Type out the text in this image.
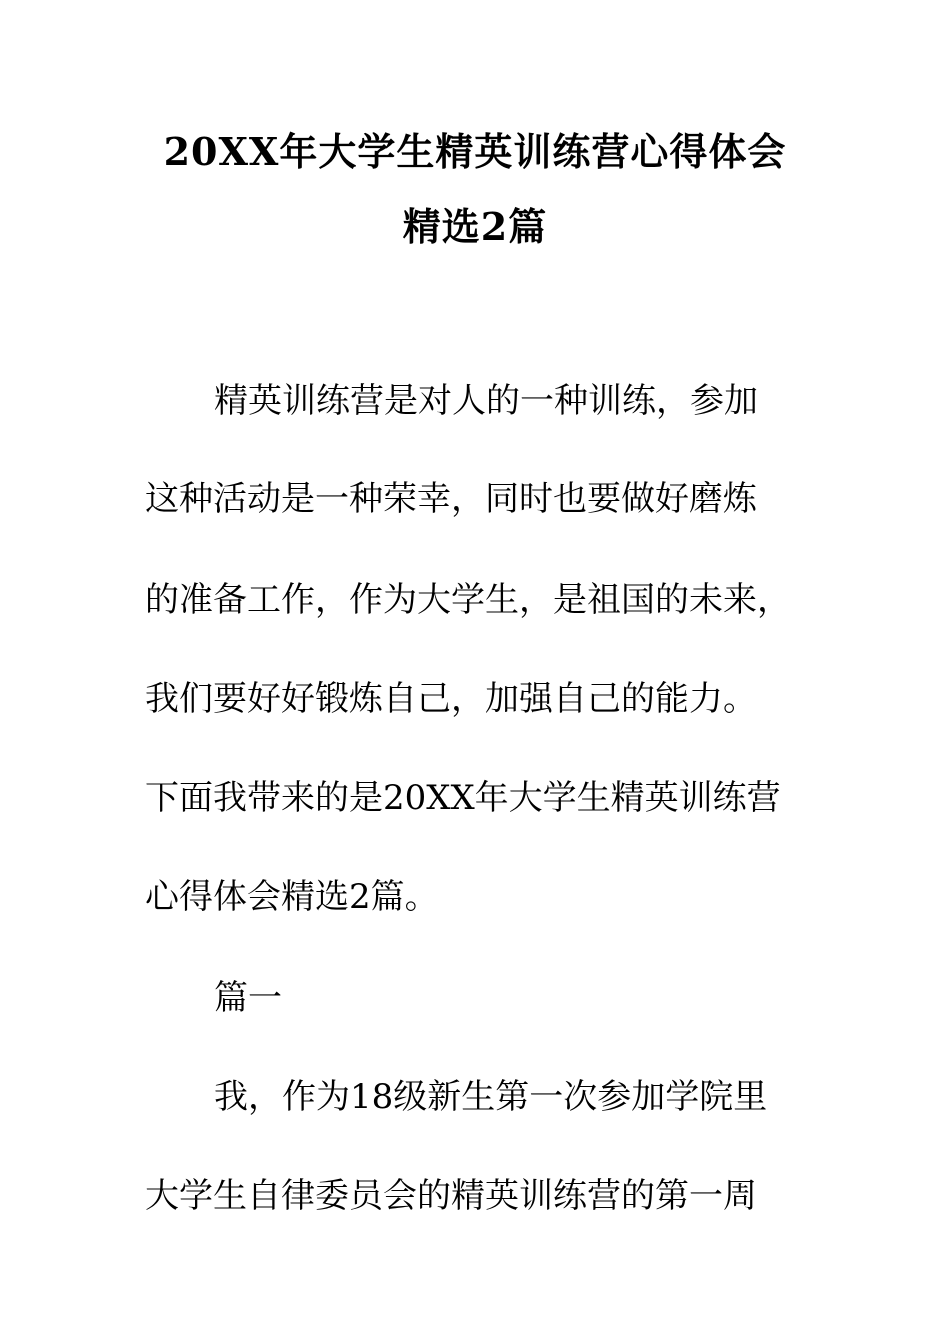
20XX年大学生精英训练营心得体会
精选2篇
精英训练营是对人的一种训练，参加
这种活动是一种荣幸，同时也要做好磨炼
的准备工作，作为大学生，是祖国的未来，
我们要好好锻炼自己，加强自己的能力。
下面我带来的是20XX年大学生精英训练营
心得体会精选2篇。
篇一
我，作为18级新生第一次参加学院里
大学生自律委员会的精英训练营的第一周
